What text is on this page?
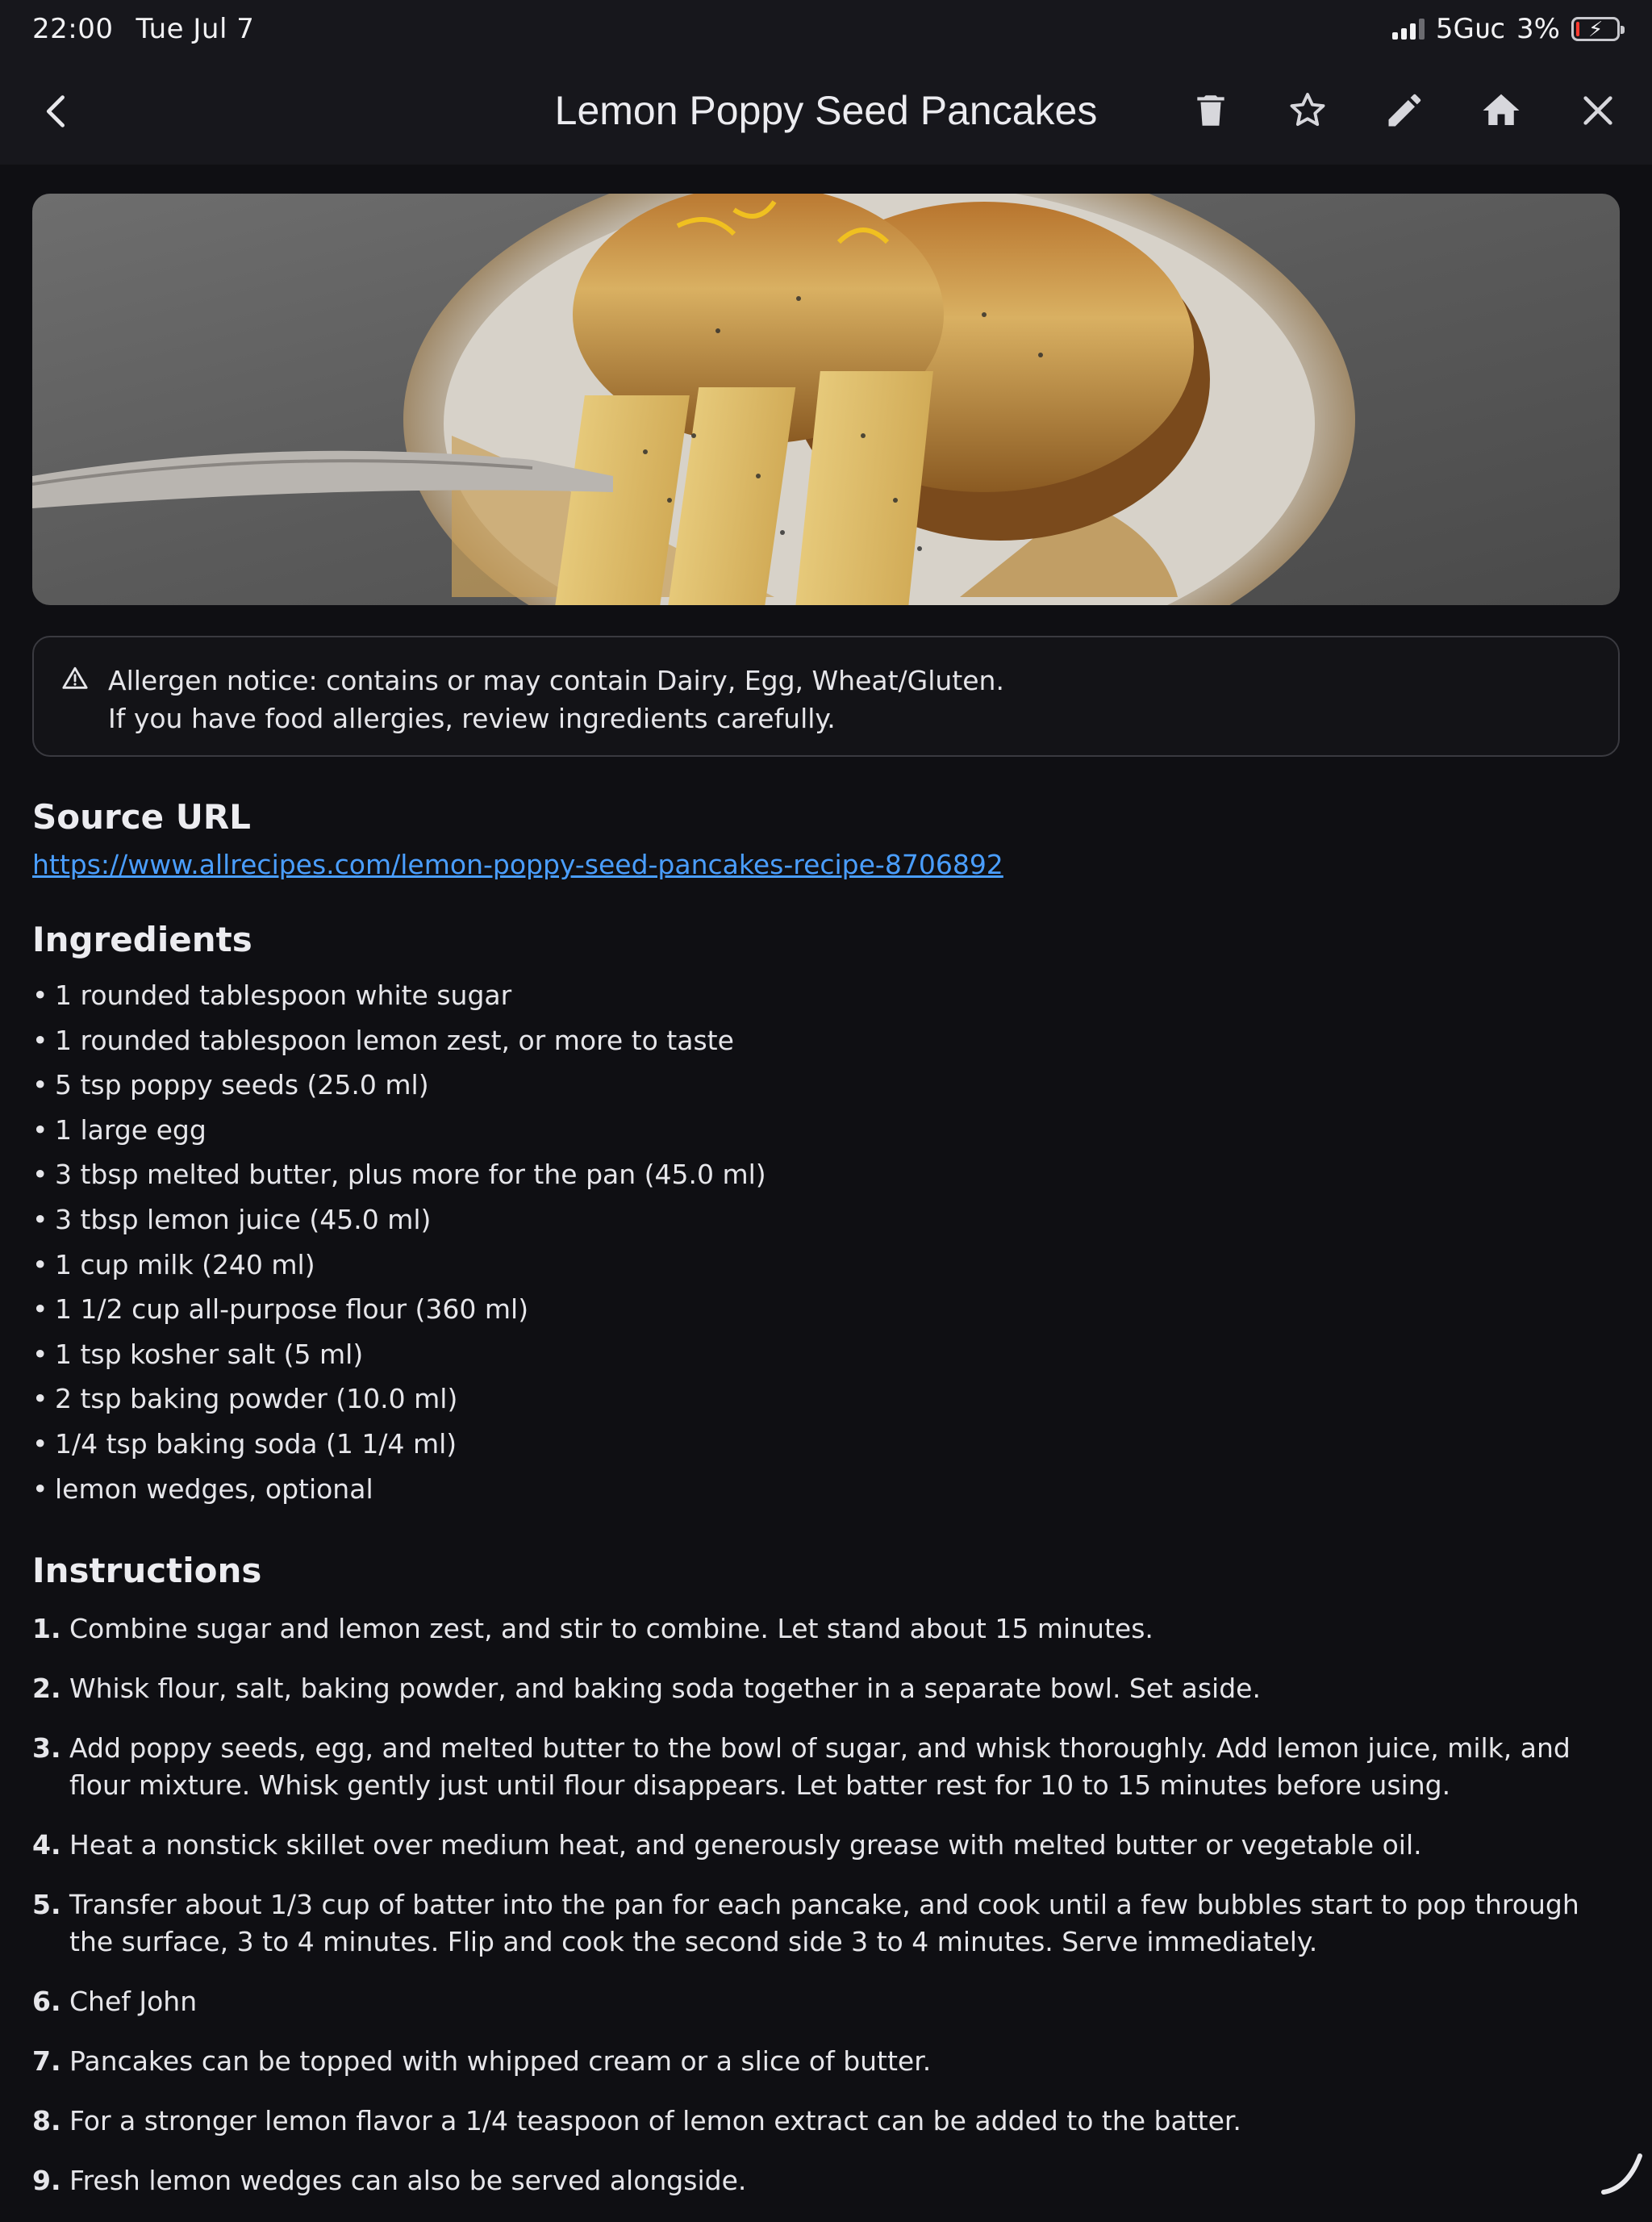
22:00 Tue Jul 7	5Gᴜᴄ 3% ⚡
Lemon Poppy Seed Pancakes
Allergen notice: contains or may contain Dairy, Egg, Wheat/Gluten.
If you have food allergies, review ingredients carefully.
Source URL
https://www.allrecipes.com/lemon-poppy-seed-pancakes-recipe-8706892
Ingredients
• 1 rounded tablespoon white sugar
• 1 rounded tablespoon lemon zest, or more to taste
• 5 tsp poppy seeds (25.0 ml)
• 1 large egg
• 3 tbsp melted butter, plus more for the pan (45.0 ml)
• 3 tbsp lemon juice (45.0 ml)
• 1 cup milk (240 ml)
• 1 1/2 cup all-purpose flour (360 ml)
• 1 tsp kosher salt (5 ml)
• 2 tsp baking powder (10.0 ml)
• 1/4 tsp baking soda (1 1/4 ml)
• lemon wedges, optional
Instructions
1. Combine sugar and lemon zest, and stir to combine. Let stand about 15 minutes.
2. Whisk flour, salt, baking powder, and baking soda together in a separate bowl. Set aside.
3. Add poppy seeds, egg, and melted butter to the bowl of sugar, and whisk thoroughly. Add lemon juice, milk, and flour mixture. Whisk gently just until flour disappears. Let batter rest for 10 to 15 minutes before using.
4. Heat a nonstick skillet over medium heat, and generously grease with melted butter or vegetable oil.
5. Transfer about 1/3 cup of batter into the pan for each pancake, and cook until a few bubbles start to pop through the surface, 3 to 4 minutes. Flip and cook the second side 3 to 4 minutes. Serve immediately.
6. Chef John
7. Pancakes can be topped with whipped cream or a slice of butter.
8. For a stronger lemon flavor a 1/4 teaspoon of lemon extract can be added to the batter.
9. Fresh lemon wedges can also be served alongside.
